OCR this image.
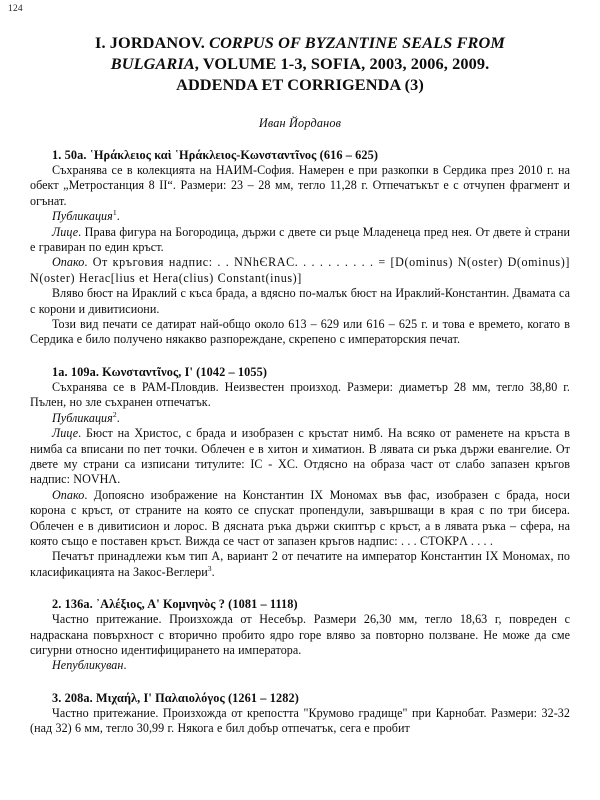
124
I. JORDANOV. CORPUS OF BYZANTINE SEALS FROM
BULGARIA, VOLUME 1-3, SOFIA, 2003, 2006, 2009.
ADDENDA ET CORRIGENDA (3)
Иван Йорданов
1. 50а. ῾Ηράκλειος καὶ ῾Ηράκλειος-Κωνσταντῖνος (616 – 625)

Съхранява се в колекцията на НАИМ-София. Намерен е при разкопки в Сердика през 2010 г. на обект „Метростанция 8 II“. Размери: 23 – 28 мм, тегло 11,28 г. Отпечатъкът е с отчупен фрагмент и огънат.

Публикация$^1$.

Лице. Права фигура на Богородица, държи с двете си ръце Младенеца пред нея. От двете ѝ страни е гравиран по един кръст.

Опако. От кръговия надпис: . . NNhЄRAC. . . . . . . . . . = [D(ominus) N(oster) D(ominus)] N(oster) Herac[lius et Hera(clius) Constant(inus)]

Вляво бюст на Ираклий с къса брада, а вдясно по-малък бюст на Ираклий-Константин. Двамата са с корони и дивитисиони.

Този вид печати се датират най-общо около 613 – 629 или 616 – 625 г. и това е времето, когато в Сердика е било получено някакво разпореждане, скрепено с императорския печат.

1а. 109а. Κωνσταντῖνος, Ι' (1042 – 1055)

Съхранява се в РАМ-Пловдив. Неизвестен произход. Размери: диаметър 28 мм, тегло 38,80 г. Пълен, но зле съхранен отпечатък.

Публикация$^2$.

Лице. Бюст на Христос, с брада и изобразен с кръстат нимб. На всяко от раменете на кръста в нимба са вписани по пет точки. Облечен е в хитон и химатион. В лявата си ръка държи евангелие. От двете му страни са изписани титулите: IC - XC. Отдясно на образа част от слабо запазен кръгов надпис: NOVHΛ.

Опако. Допоясно изображение на Константин IX Мономах във фас, изобразен с брада, носи корона с кръст, от страните на която се спускат пропендули, завършващи в края с по три бисера. Облечен е в дивитисион и лорос. В дясната ръка държи скиптър с кръст, а в лявата ръка – сфера, на която също е поставен кръст. Вижда се част от запазен кръгов надпис: . . . СТОКРΛ . . . .

Печатът принадлежи към тип А, вариант 2 от печатите на император Константин IX Мономах, по класификацията на Закос-Веглери$^3$.

2. 136а. ᾽Αλέξιος, Α' Κομνηνὸς ? (1081 – 1118)

Частно притежание. Произхожда от Несебър. Размери 26,30 мм, тегло 18,63 г, повреден с надраскана повърхност с вторично пробито ядро горе вляво за повторно ползване. Не може да сме сигурни относно идентифицирането на императора.

Непубликуван.

3. 208а. Μιχαήλ, Ι' Παλαιολόγος (1261 – 1282)

Частно притежание. Произхожда от крепостта "Крумово градище" при Карнобат. Размери: 32-32 (над 32) 6 мм, тегло 30,99 г. Някога е бил добър отпечатък, сега е пробит
